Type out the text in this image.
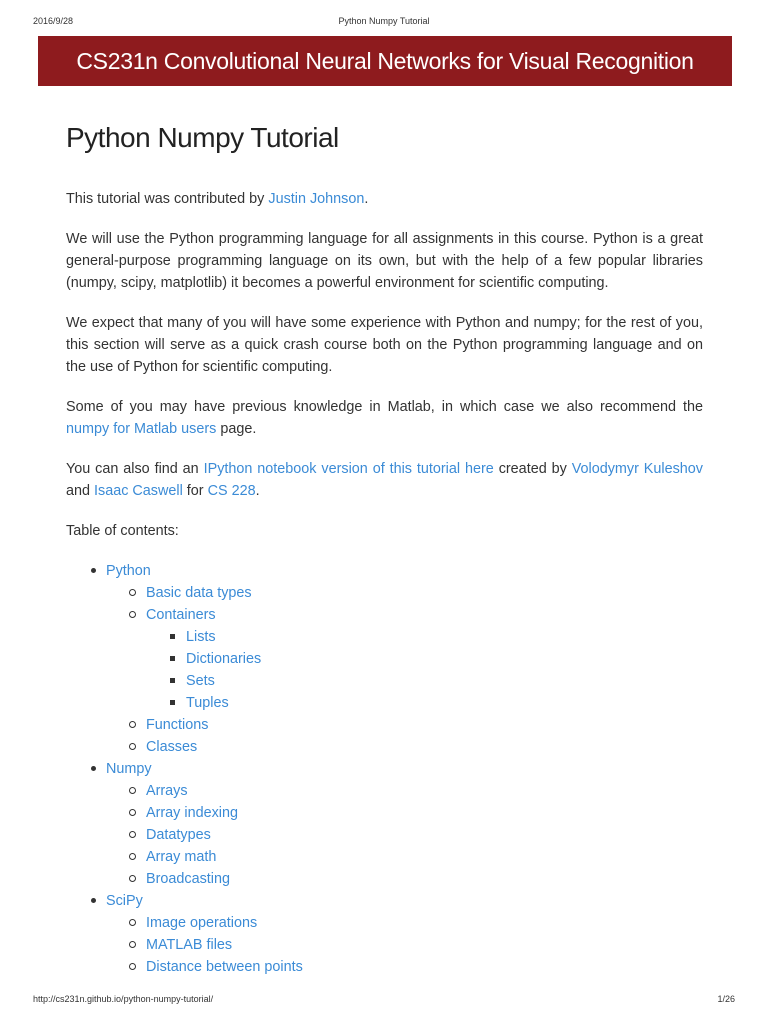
2016/9/28	Python Numpy Tutorial
CS231n Convolutional Neural Networks for Visual Recognition
Python Numpy Tutorial

This tutorial was contributed by Justin Johnson.

We will use the Python programming language for all assignments in this course. Python is a great general-purpose programming language on its own, but with the help of a few popular libraries (numpy, scipy, matplotlib) it becomes a powerful environment for scientific computing.

We expect that many of you will have some experience with Python and numpy; for the rest of you, this section will serve as a quick crash course both on the Python programming language and on the use of Python for scientific computing.

Some of you may have previous knowledge in Matlab, in which case we also recommend the numpy for Matlab users page.

You can also find an IPython notebook version of this tutorial here created by Volodymyr Kuleshov and Isaac Caswell for CS 228.

Table of contents:

Python
Basic data types
Containers
Lists
Dictionaries
Sets
Tuples
Functions
Classes
Numpy
Arrays
Array indexing
Datatypes
Array math
Broadcasting
SciPy
Image operations
MATLAB files
Distance between points
http://cs231n.github.io/python-numpy-tutorial/	1/26
